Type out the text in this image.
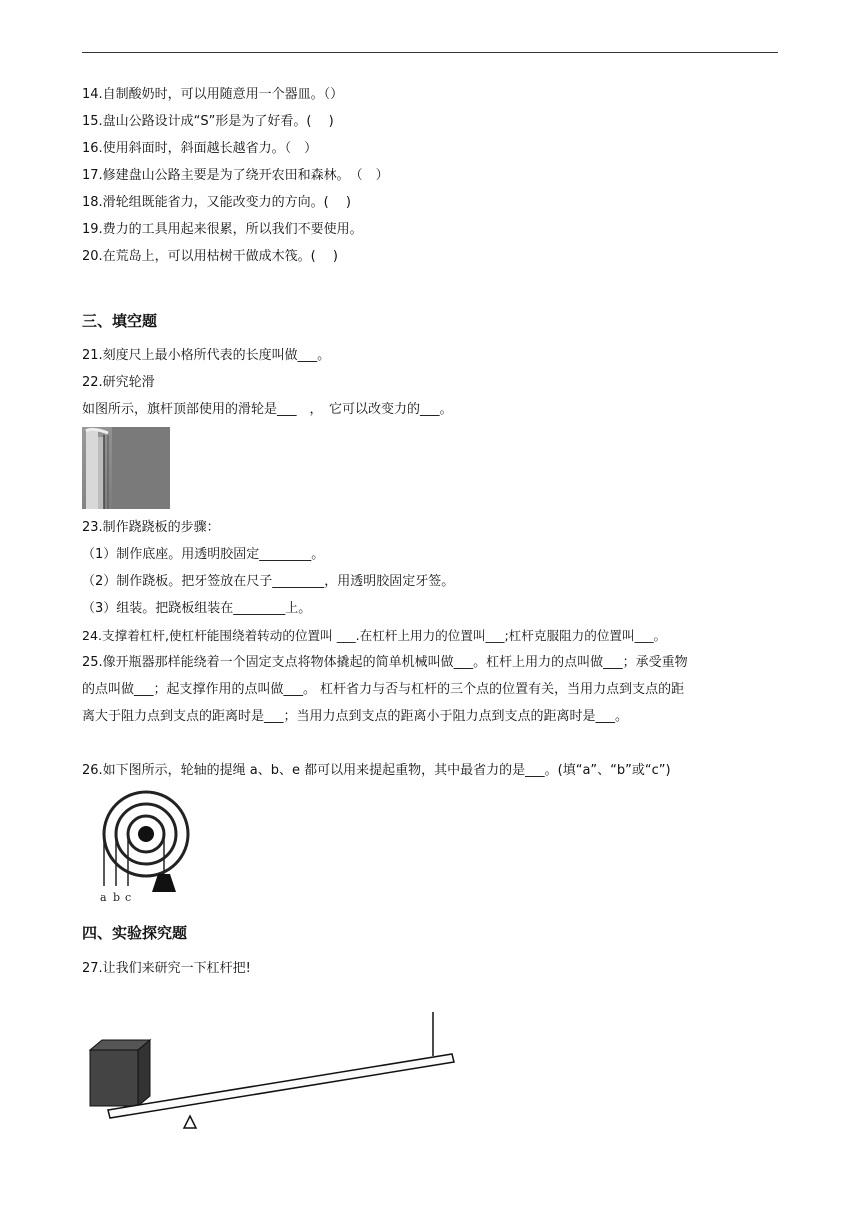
14.自制酸奶时，可以用随意用一个器皿。（）
15.盘山公路设计成“S”形是为了好看。(　 )
16.使用斜面时，斜面越长越省力。（　）
17.修建盘山公路主要是为了绕开农田和森林。　（　）
18.滑轮组既能省力，又能改变力的方向。(　 )
19.费力的工具用起来很累，所以我们不要使用。
20.在荒岛上，可以用枯树干做成木筏。(　 )
三、填空题
21.刻度尺上最小格所代表的长度叫做___。
22.研究轮滑
如图所示，旗杆顶部使用的滑轮是___　，　它可以改变力的___。
23.制作跷跷板的步骤：
（1）制作底座。用透明胶固定________。
（2）制作跷板。把牙签放在尺子________，用透明胶固定牙签。
（3）组装。把跷板组装在________上。
24.支撑着杠杆,使杠杆能围绕着转动的位置叫 ___.在杠杆上用力的位置叫___;杠杆克服阻力的位置叫___。
25.像开瓶器那样能绕着一个固定支点将物体撬起的简单机械叫做___。杠杆上用力的点叫做___；承受重物
的点叫做___；起支撑作用的点叫做___。 杠杆省力与否与杠杆的三个点的位置有关，当用力点到支点的距
离大于阻力点到支点的距离时是___；当用力点到支点的距离小于阻力点到支点的距离时是___。
26.如下图所示，轮轴的提绳 a、b、e 都可以用来提起重物，其中最省力的是___。(填“a”、“b”或“c”)
a b c
四、实验探究题
27.让我们来研究一下杠杆把!
